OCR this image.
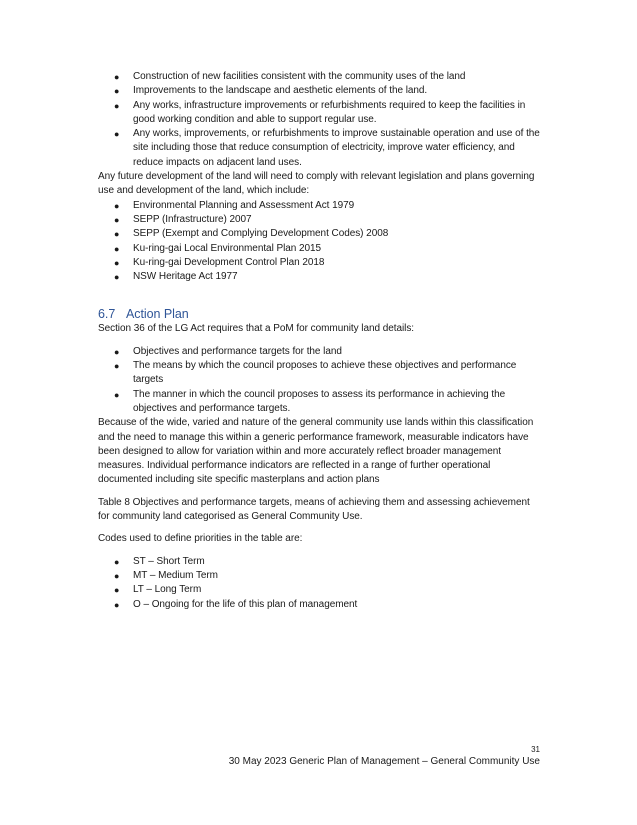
● Construction of new facilities consistent with the community uses of the land
● Improvements to the landscape and aesthetic elements of the land.
● Any works, infrastructure improvements or refurbishments required to keep the facilities in good working condition and able to support regular use.
● Any works, improvements, or refurbishments to improve sustainable operation and use of the site including those that reduce consumption of electricity, improve water efficiency, and reduce impacts on adjacent land uses.

Any future development of the land will need to comply with relevant legislation and plans governing use and development of the land, which include:

● Environmental Planning and Assessment Act 1979
● SEPP (Infrastructure) 2007
● SEPP (Exempt and Complying Development Codes) 2008
● Ku-ring-gai Local Environmental Plan 2015
● Ku-ring-gai Development Control Plan 2018
● NSW Heritage Act 1977
6.7 Action Plan

Section 36 of the LG Act requires that a PoM for community land details:

● Objectives and performance targets for the land
● The means by which the council proposes to achieve these objectives and performance targets
● The manner in which the council proposes to assess its performance in achieving the objectives and performance targets.

Because of the wide, varied and nature of the general community use lands within this classification and the need to manage this within a generic performance framework, measurable indicators have been designed to allow for variation within and more accurately reflect broader management measures. Individual performance indicators are reflected in a range of further operational documented including site specific masterplans and action plans

Table 8 Objectives and performance targets, means of achieving them and assessing achievement for community land categorised as General Community Use.

Codes used to define priorities in the table are:

● ST – Short Term
● MT – Medium Term
● LT – Long Term
● O – Ongoing for the life of this plan of management
31
30 May 2023 Generic Plan of Management – General Community Use
